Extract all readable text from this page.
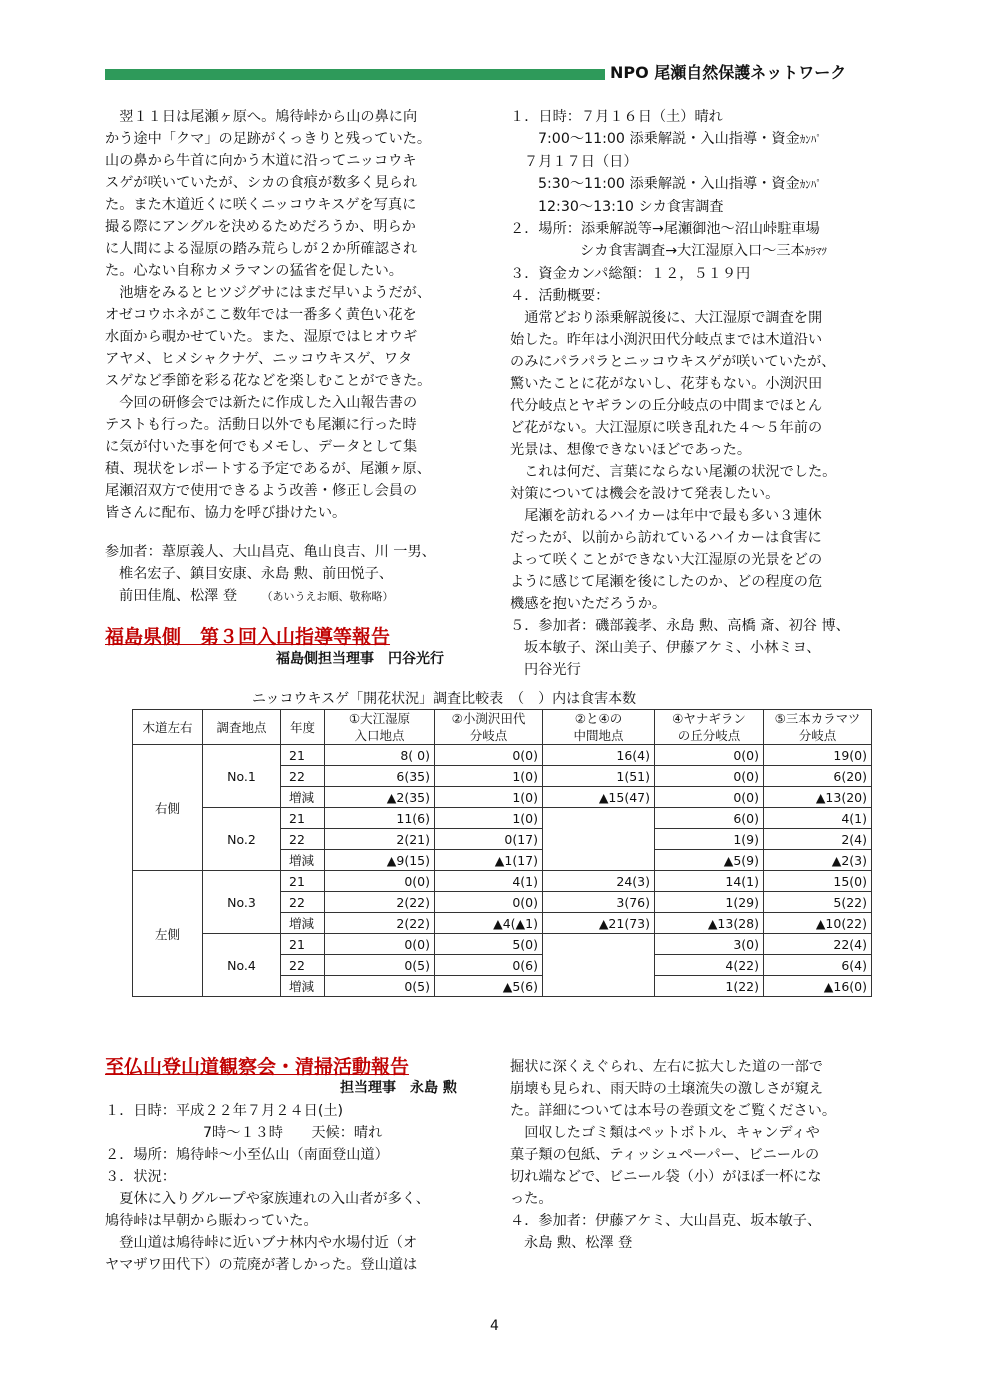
NPO 尾瀬自然保護ネットワーク

　翌１１日は尾瀬ヶ原へ。鳩待峠から山の鼻に向

かう途中「クマ」の足跡がくっきりと残っていた。

山の鼻から牛首に向かう木道に沿ってニッコウキ

スゲが咲いていたが、シカの食痕が数多く見られ

た。また木道近くに咲くニッコウキスゲを写真に

撮る際にアングルを決めるためだろうか、明らか

に人間による湿原の踏み荒らしが２か所確認され

た。心ない自称カメラマンの猛省を促したい。

　池塘をみるとヒツジグサにはまだ早いようだが、

オゼコウホネがここ数年では一番多く黄色い花を

水面から覗かせていた。また、湿原ではヒオウギ

アヤメ、ヒメシャクナゲ、ニッコウキスゲ、ワタ

スゲなど季節を彩る花などを楽しむことができた。

　今回の研修会では新たに作成した入山報告書の

テストも行った。活動日以外でも尾瀬に行った時

に気が付いた事を何でもメモし、データとして集

積、現状をレポートする予定であるが、尾瀬ヶ原、

尾瀬沼双方で使用できるよう改善・修正し会員の

皆さんに配布、協力を呼び掛けたい。

参加者：葦原義人、大山昌克、亀山良吉、川 一男、

椎名宏子、鎮目安康、永島 勲、前田悦子、

前田佳胤、松澤 登 （あいうえお順、敬称略）

福島県側　第３回入山指導等報告
福島側担当理事　円谷光行

１．日時：７月１６日（土）晴れ

7:00～11:00 添乗解説・入山指導・資金ｶﾝﾊﾟ

７月１７日（日）

5:30～11:00 添乗解説・入山指導・資金ｶﾝﾊﾟ

12:30～13:10 シカ食害調査

２．場所：添乗解説等→尾瀬御池～沼山峠駐車場

シカ食害調査→大江湿原入口～三本ｶﾗﾏﾂ

３．資金カンパ総額：１２，５１９円

４．活動概要：

　通常どおり添乗解説後に、大江湿原で調査を開

始した。昨年は小渕沢田代分岐点までは木道沿い

のみにパラパラとニッコウキスゲが咲いていたが、

驚いたことに花がないし、花芽もない。小渕沢田

代分岐点とヤギランの丘分岐点の中間までほとん

ど花がない。大江湿原に咲き乱れた４～５年前の

光景は、想像できないほどであった。

　これは何だ、言葉にならない尾瀬の状況でした。

対策については機会を設けて発表したい。

　尾瀬を訪れるハイカーは年中で最も多い３連休

だったが、以前から訪れているハイカーは食害に

よって咲くことができない大江湿原の光景をどの

ように感じて尾瀬を後にしたのか、どの程度の危

機感を抱いただろうか。

５．参加者：磯部義孝、永島 勲、高橋 斎、初谷 博、

坂本敏子、深山美子、伊藤アケミ、小林ミヨ、

円谷光行

ニッコウキスゲ「開花状況」調査比較表　（　）内は食害本数
木道左右	調査地点	年度	①大江湿原
入口地点	②小渕沢田代
分岐点	②と④の
中間地点	④ヤナギラン
の丘分岐点	⑤三本カラマツ
分岐点
右側	No.1	21	8( 0)	0(0)	16(4)	0(0)	19(0)
		22	6(35)	1(0)	1(51)	0(0)	6(20)
		増減	▲2(35)	1(0)	▲15(47)	0(0)	▲13(20)
	No.2	21	11(6)	1(0)		6(0)	4(1)
		22	2(21)	0(17)		1(9)	2(4)
		増減	▲9(15)	▲1(17)		▲5(9)	▲2(3)
左側	No.3	21	0(0)	4(1)	24(3)	14(1)	15(0)
		22	2(22)	0(0)	3(76)	1(29)	5(22)
		増減	2(22)	▲4(▲1)	▲21(73)	▲13(28)	▲10(22)
	No.4	21	0(0)	5(0)		3(0)	22(4)
		22	0(5)	0(6)		4(22)	6(4)
		増減	0(5)	▲5(6)		1(22)	▲16(0)
至仏山登山道観察会・清掃活動報告
担当理事　永島 勲

１．日時：平成２２年７月２４日(土)

7時～１３時　　天候：晴れ

２．場所：鳩待峠～小至仏山（南面登山道）

３．状況：

　夏休に入りグループや家族連れの入山者が多く、

鳩待峠は早朝から賑わっていた。

　登山道は鳩待峠に近いブナ林内や水場付近（オ

ヤマザワ田代下）の荒廃が著しかった。登山道は

掘状に深くえぐられ、左右に拡大した道の一部で

崩壊も見られ、雨天時の土壌流失の激しさが窺え

た。詳細については本号の巻頭文をご覧ください。

　回収したゴミ類はペットボトル、キャンディや

菓子類の包紙、ティッシュペーパー、ビニールの

切れ端などで、ビニール袋（小）がほぼ一杯にな

った。

４．参加者：伊藤アケミ、大山昌克、坂本敏子、

永島 勲、松澤 登

4
